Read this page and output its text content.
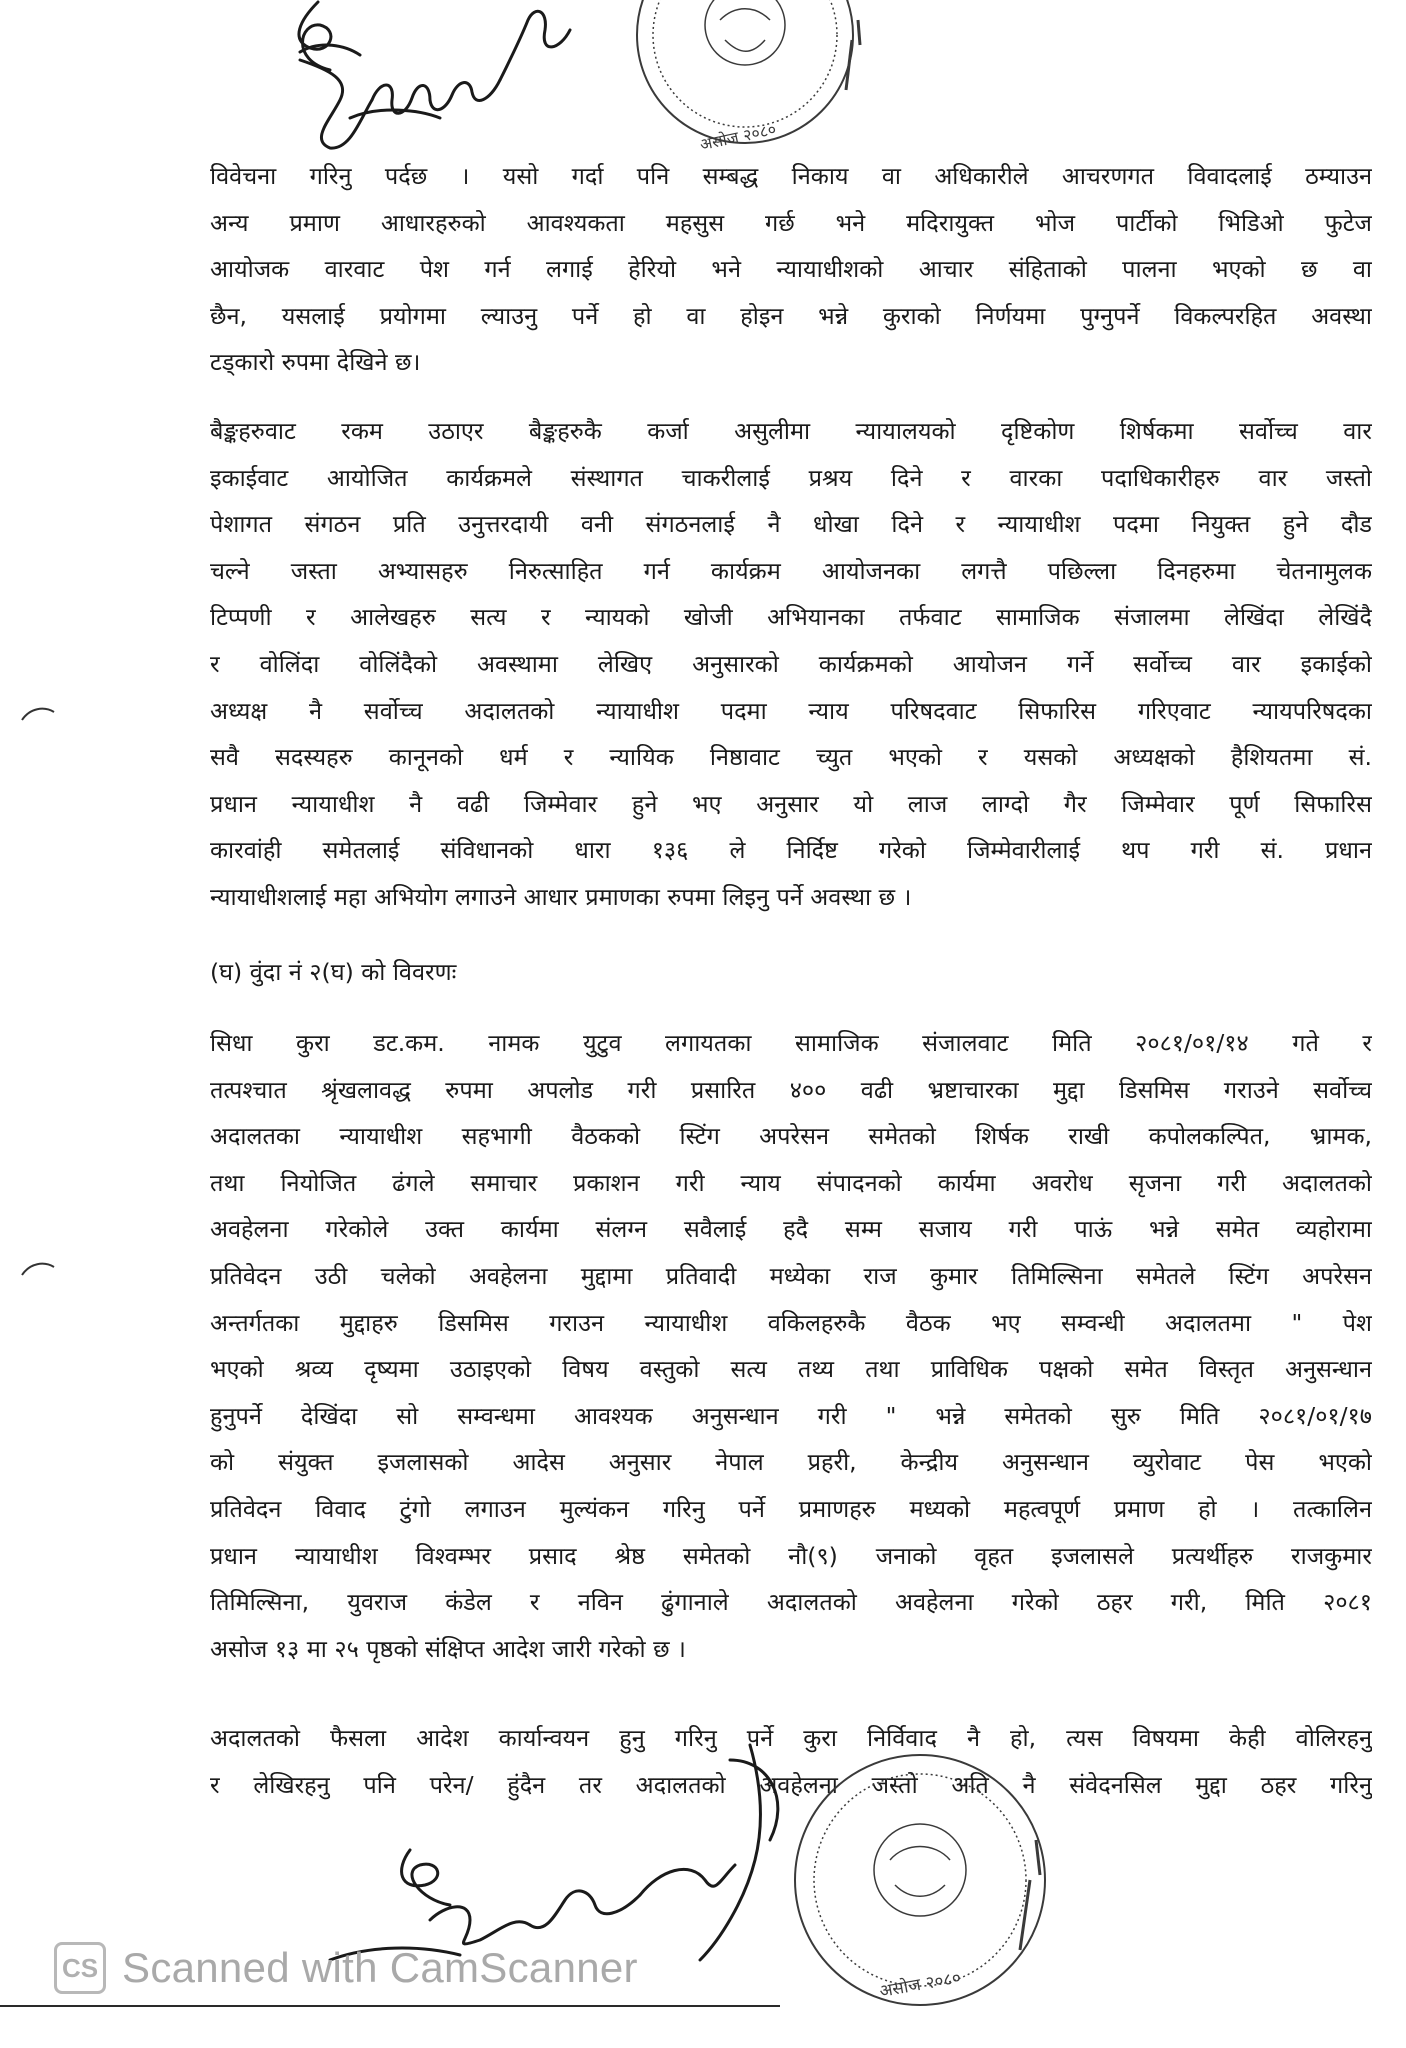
असोज २०८०
विवेचना गरिनु पर्दछ । यसो गर्दा पनि सम्बद्ध निकाय वा अधिकारीले आचरणगत विवादलाई ठम्याउन
अन्य प्रमाण आधारहरुको आवश्यकता महसुस गर्छ भने मदिरायुक्त भोज पार्टीको भिडिओ फुटेज
आयोजक वारवाट पेश गर्न लगाई हेरियो भने न्यायाधीशको आचार संहिताको पालना भएको छ वा
छैन, यसलाई प्रयोगमा ल्याउनु पर्ने हो वा होइन भन्ने कुराको निर्णयमा पुग्नुपर्ने विकल्परहित अवस्था
टड्कारो रुपमा देखिने छ।
बैङ्कहरुवाट रकम उठाएर बैङ्कहरुकै कर्जा असुलीमा न्यायालयको दृष्टिकोण शिर्षकमा सर्वोच्च वार
इकाईवाट आयोजित कार्यक्रमले संस्थागत चाकरीलाई प्रश्रय दिने र वारका पदाधिकारीहरु वार जस्तो
पेशागत संगठन प्रति उनुत्तरदायी वनी संगठनलाई नै धोखा दिने र न्यायाधीश पदमा नियुक्त हुने दौड
चल्ने जस्ता अभ्यासहरु निरुत्साहित गर्न कार्यक्रम आयोजनका लगत्तै पछिल्ला दिनहरुमा चेतनामुलक
टिप्पणी र आलेखहरु सत्य र न्यायको खोजी अभियानका तर्फवाट सामाजिक संजालमा लेखिंदा लेखिंदै
र वोलिंदा वोलिंदैको अवस्थामा लेखिए अनुसारको कार्यक्रमको आयोजन गर्ने सर्वोच्च वार इकाईको
अध्यक्ष नै सर्वोच्च अदालतको न्यायाधीश पदमा न्याय परिषदवाट सिफारिस गरिएवाट न्यायपरिषदका
सवै सदस्यहरु कानूनको धर्म र न्यायिक निष्ठावाट च्युत भएको र यसको अध्यक्षको हैशियतमा सं.
प्रधान न्यायाधीश नै वढी जिम्मेवार हुने भए अनुसार यो लाज लाग्दो गैर जिम्मेवार पूर्ण सिफारिस
कारवांही समेतलाई संविधानको धारा १३६ ले निर्दिष्ट गरेको जिम्मेवारीलाई थप गरी सं. प्रधान
न्यायाधीशलाई महा अभियोग लगाउने आधार प्रमाणका रुपमा लिइनु पर्ने अवस्था छ ।
(घ) वुंदा नं २(घ) को विवरणः
सिधा कुरा डट.कम. नामक युटुव लगायतका सामाजिक संजालवाट मिति २०८१/०१/१४ गते र
तत्पश्चात श्रृंखलावद्ध रुपमा अपलोड गरी प्रसारित ४०० वढी भ्रष्टाचारका मुद्दा डिसमिस गराउने सर्वोच्च
अदालतका न्यायाधीश सहभागी वैठकको स्टिंग अपरेसन समेतको शिर्षक राखी कपोलकल्पित, भ्रामक,
तथा नियोजित ढंगले समाचार प्रकाशन गरी न्याय संपादनको कार्यमा अवरोध सृजना गरी अदालतको
अवहेलना गरेकोले उक्त कार्यमा संलग्न सवैलाई हदै सम्म सजाय गरी पाऊं भन्ने समेत व्यहोरामा
प्रतिवेदन उठी चलेको अवहेलना मुद्दामा प्रतिवादी मध्येका राज कुमार तिमिल्सिना समेतले स्टिंग अपरेसन
अन्तर्गतका मुद्दाहरु डिसमिस गराउन न्यायाधीश वकिलहरुकै वैठक भए सम्वन्धी अदालतमा " पेश
भएको श्रव्य दृष्यमा उठाइएको विषय वस्तुको सत्य तथ्य तथा प्राविधिक पक्षको समेत विस्तृत अनुसन्धान
हुनुपर्ने देखिंदा सो सम्वन्धमा आवश्यक अनुसन्धान गरी " भन्ने समेतको सुरु मिति २०८१/०१/१७
को संयुक्त इजलासको आदेस अनुसार नेपाल प्रहरी, केन्द्रीय अनुसन्धान व्युरोवाट पेस भएको
प्रतिवेदन विवाद टुंगो लगाउन मुल्यंकन गरिनु पर्ने प्रमाणहरु मध्यको महत्वपूर्ण प्रमाण हो । तत्कालिन
प्रधान न्यायाधीश विश्वम्भर प्रसाद श्रेष्ठ समेतको नौ(९) जनाको वृहत इजलासले प्रत्यर्थीहरु राजकुमार
तिमिल्सिना, युवराज कंडेल र नविन ढुंगानाले अदालतको अवहेलना गरेको ठहर गरी, मिति २०८१
असोज १३ मा २५ पृष्ठको संक्षिप्त आदेश जारी गरेको छ ।
अदालतको फैसला आदेश कार्यान्वयन हुनु गरिनु पर्ने कुरा निर्विवाद नै हो, त्यस विषयमा केही वोलिरहनु
र लेखिरहनु पनि परेन/ हुंदैन तर अदालतको अवहेलना जस्तो अति नै संवेदनसिल मुद्दा ठहर गरिनु
असोज २०८०
CS Scanned with CamScanner
